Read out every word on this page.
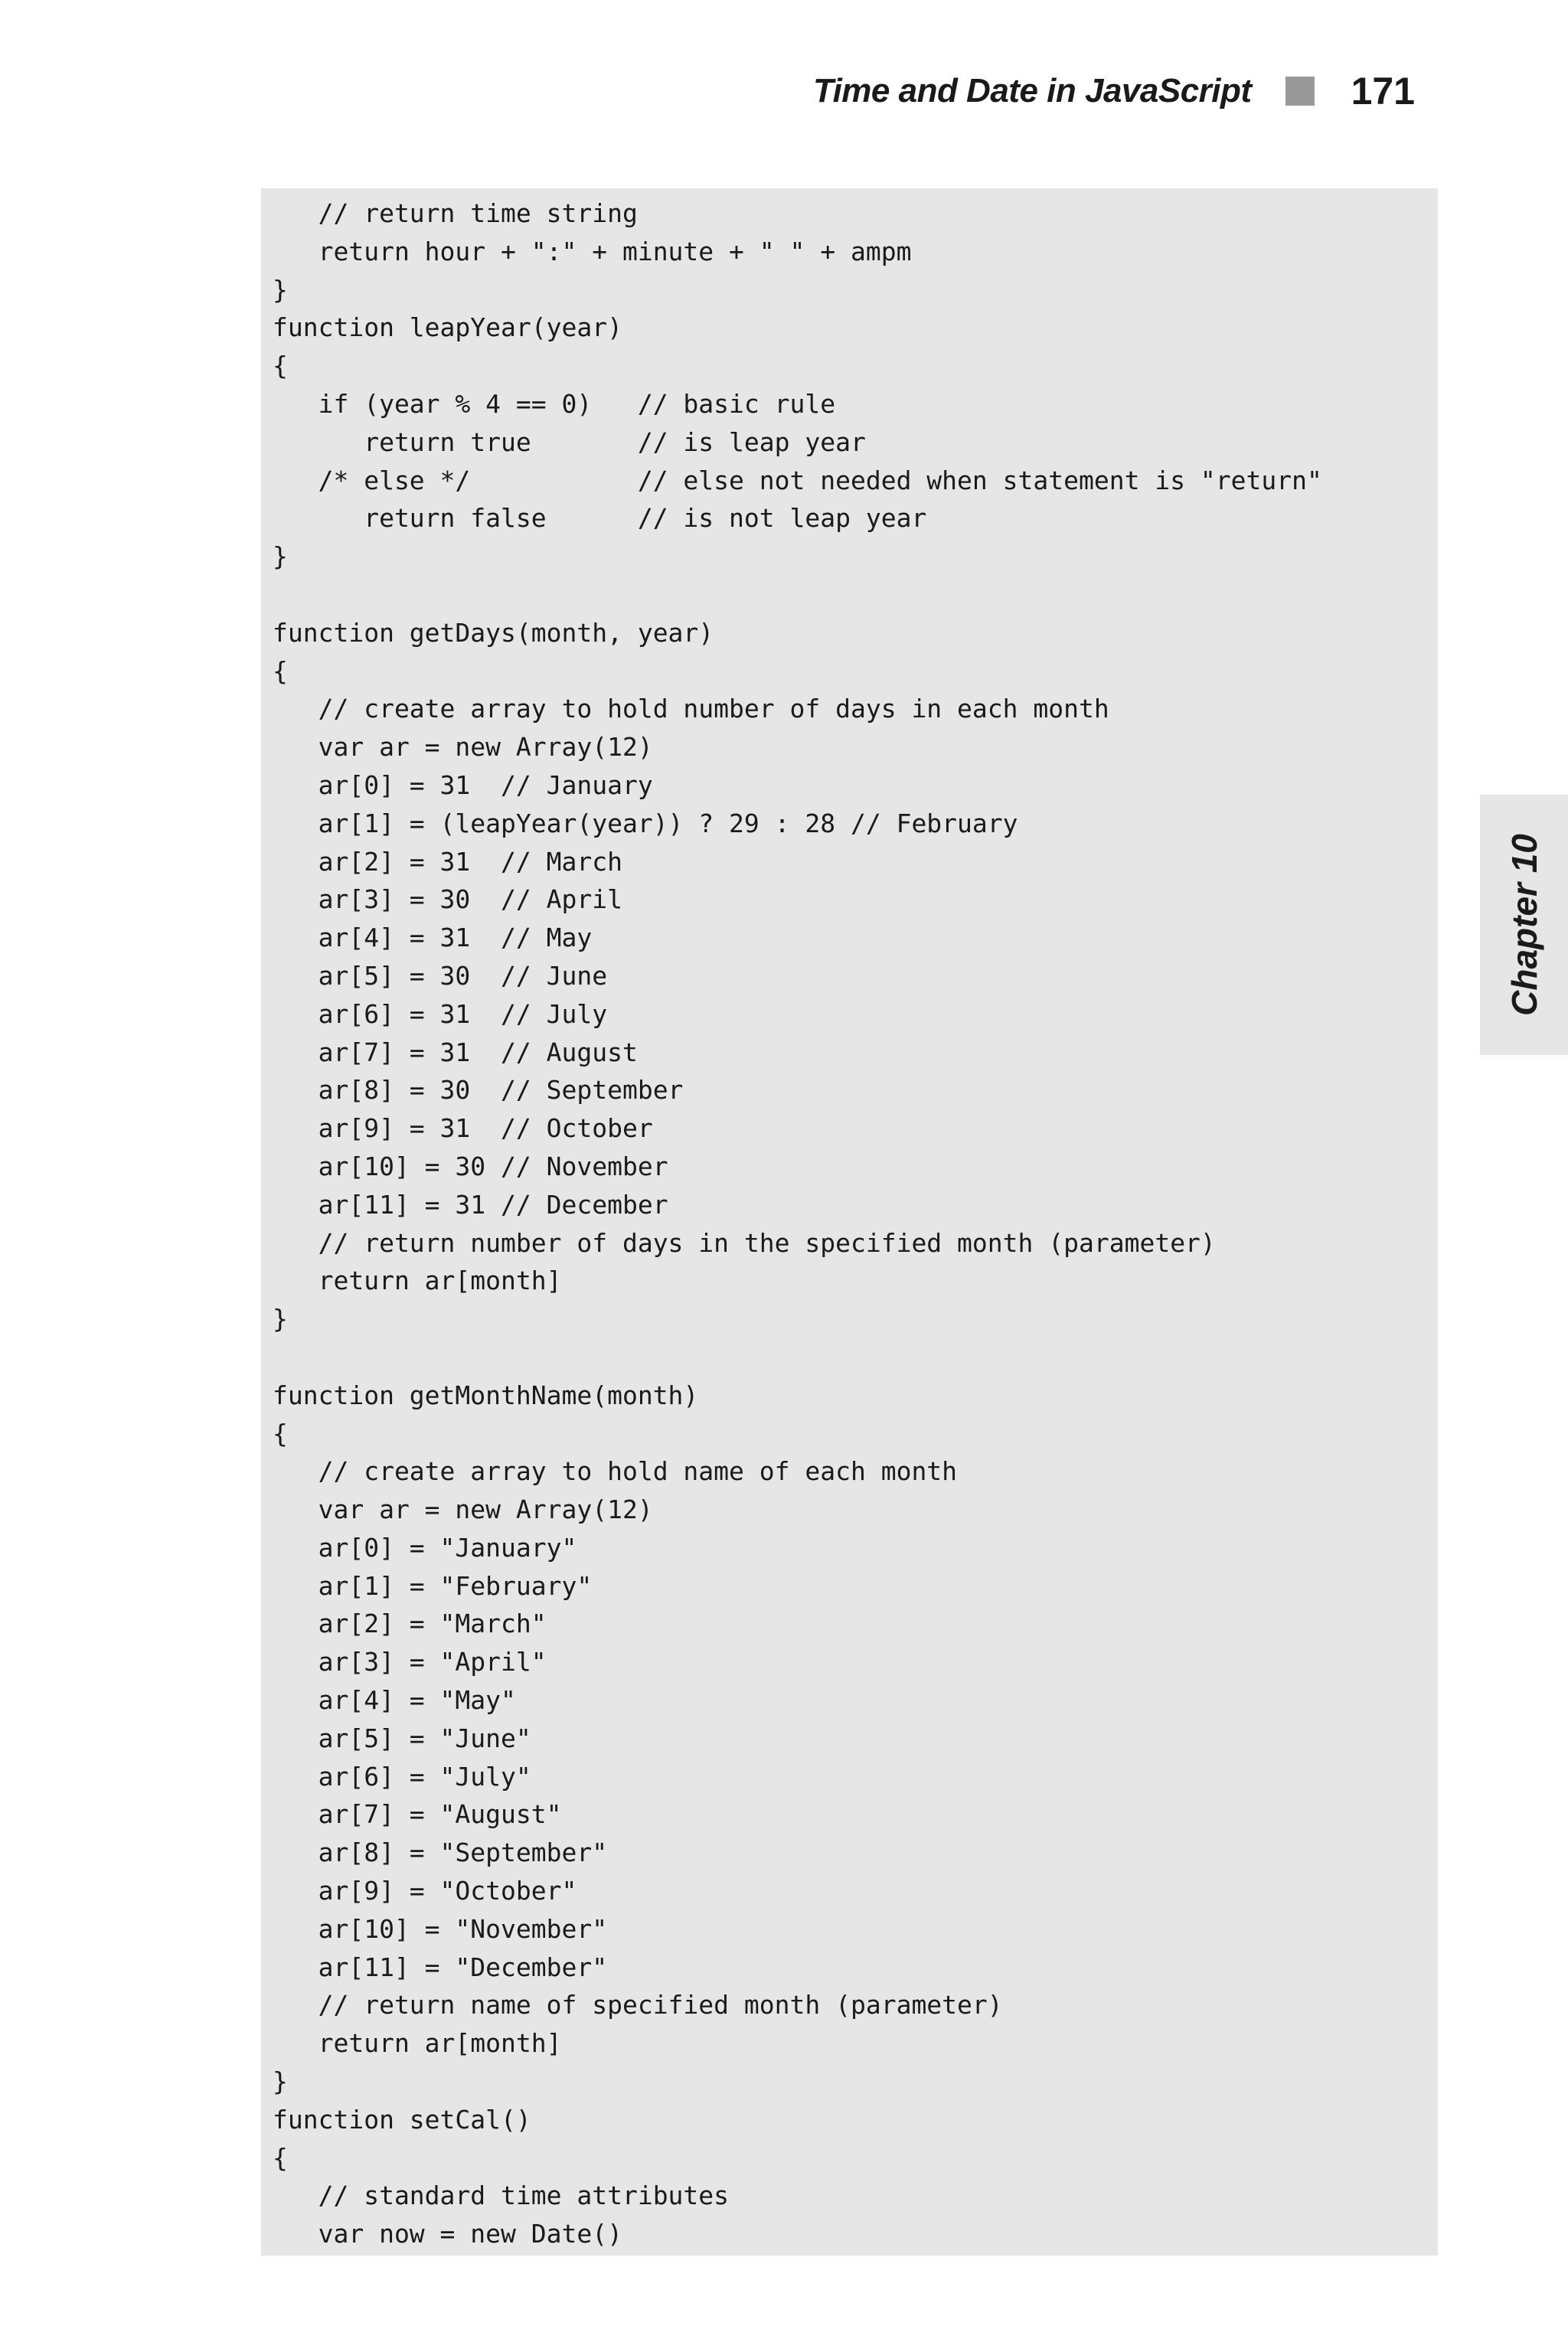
Time and Date in JavaScript	171
// return time string
return hour + ":" + minute + " " + ampm
}
function leapYear(year)
{
if (year % 4 == 0)   // basic rule
return true       // is leap year
/* else */           // else not needed when statement is "return"
return false      // is not leap year
}
function getDays(month, year)
{
// create array to hold number of days in each month
var ar = new Array(12)
ar[0] = 31  // January
ar[1] = (leapYear(year)) ? 29 : 28 // February
ar[2] = 31  // March
ar[3] = 30  // April
ar[4] = 31  // May
ar[5] = 30  // June
ar[6] = 31  // July
ar[7] = 31  // August
ar[8] = 30  // September
ar[9] = 31  // October
ar[10] = 30 // November
ar[11] = 31 // December
// return number of days in the specified month (parameter)
return ar[month]
}
function getMonthName(month)
{
// create array to hold name of each month
var ar = new Array(12)
ar[0] = "January"
ar[1] = "February"
ar[2] = "March"
ar[3] = "April"
ar[4] = "May"
ar[5] = "June"
ar[6] = "July"
ar[7] = "August"
ar[8] = "September"
ar[9] = "October"
ar[10] = "November"
ar[11] = "December"
// return name of specified month (parameter)
return ar[month]
}
function setCal()
{
// standard time attributes
var now = new Date()
Chapter 10
